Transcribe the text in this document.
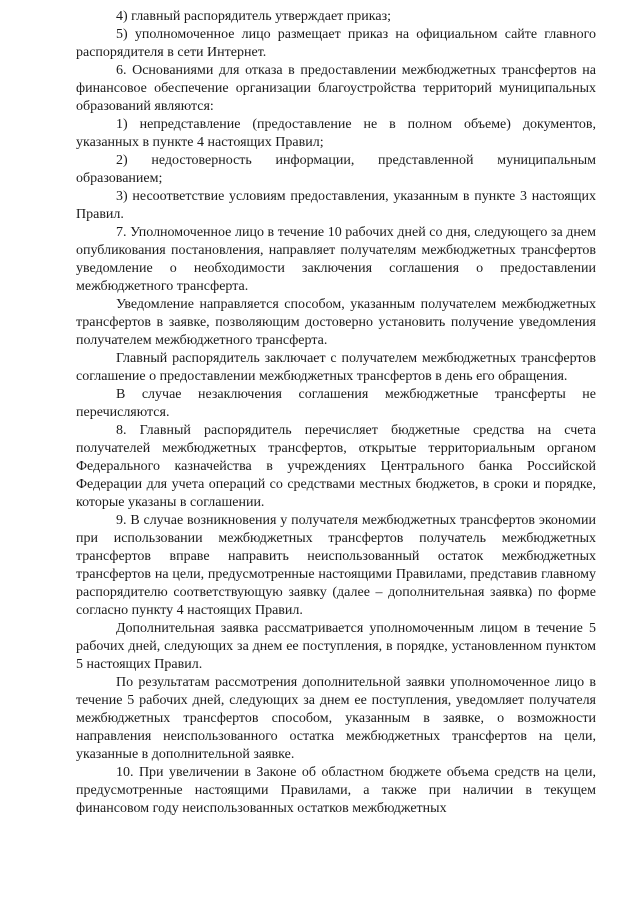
4) главный распорядитель утверждает приказ;

5) уполномоченное лицо размещает приказ на официальном сайте главного распорядителя в сети Интернет.

6. Основаниями для отказа в предоставлении межбюджетных трансфертов на финансовое обеспечение организации благоустройства территорий муниципальных образований являются:

1) непредставление (предоставление не в полном объеме) документов, указанных в пункте 4 настоящих Правил;

2) недостоверность информации, представленной муниципальным образованием;

3) несоответствие условиям предоставления, указанным в пункте 3 настоящих Правил.

7. Уполномоченное лицо в течение 10 рабочих дней со дня, следующего за днем опубликования постановления, направляет получателям межбюджетных трансфертов уведомление о необходимости заключения соглашения о предоставлении межбюджетного трансферта.

Уведомление направляется способом, указанным получателем межбюджетных трансфертов в заявке, позволяющим достоверно установить получение уведомления получателем межбюджетного трансферта.

Главный распорядитель заключает с получателем межбюджетных трансфертов соглашение о предоставлении межбюджетных трансфертов в день его обращения.

В случае незаключения соглашения межбюджетные трансферты не перечисляются.

8. Главный распорядитель перечисляет бюджетные средства на счета получателей межбюджетных трансфертов, открытые территориальным органом Федерального казначейства в учреждениях Центрального банка Российской Федерации для учета операций со средствами местных бюджетов, в сроки и порядке, которые указаны в соглашении.

9. В случае возникновения у получателя межбюджетных трансфертов экономии при использовании межбюджетных трансфертов получатель межбюджетных трансфертов вправе направить неиспользованный остаток межбюджетных трансфертов на цели, предусмотренные настоящими Правилами, представив главному распорядителю соответствующую заявку (далее – дополнительная заявка) по форме согласно пункту 4 настоящих Правил.

Дополнительная заявка рассматривается уполномоченным лицом в течение 5 рабочих дней, следующих за днем ее поступления, в порядке, установленном пунктом 5 настоящих Правил.

По результатам рассмотрения дополнительной заявки уполномоченное лицо в течение 5 рабочих дней, следующих за днем ее поступления, уведомляет получателя межбюджетных трансфертов способом, указанным в заявке, о возможности направления неиспользованного остатка межбюджетных трансфертов на цели, указанные в дополнительной заявке.

10. При увеличении в Законе об областном бюджете объема средств на цели, предусмотренные настоящими Правилами, а также при наличии в текущем финансовом году неиспользованных остатков межбюджетных
